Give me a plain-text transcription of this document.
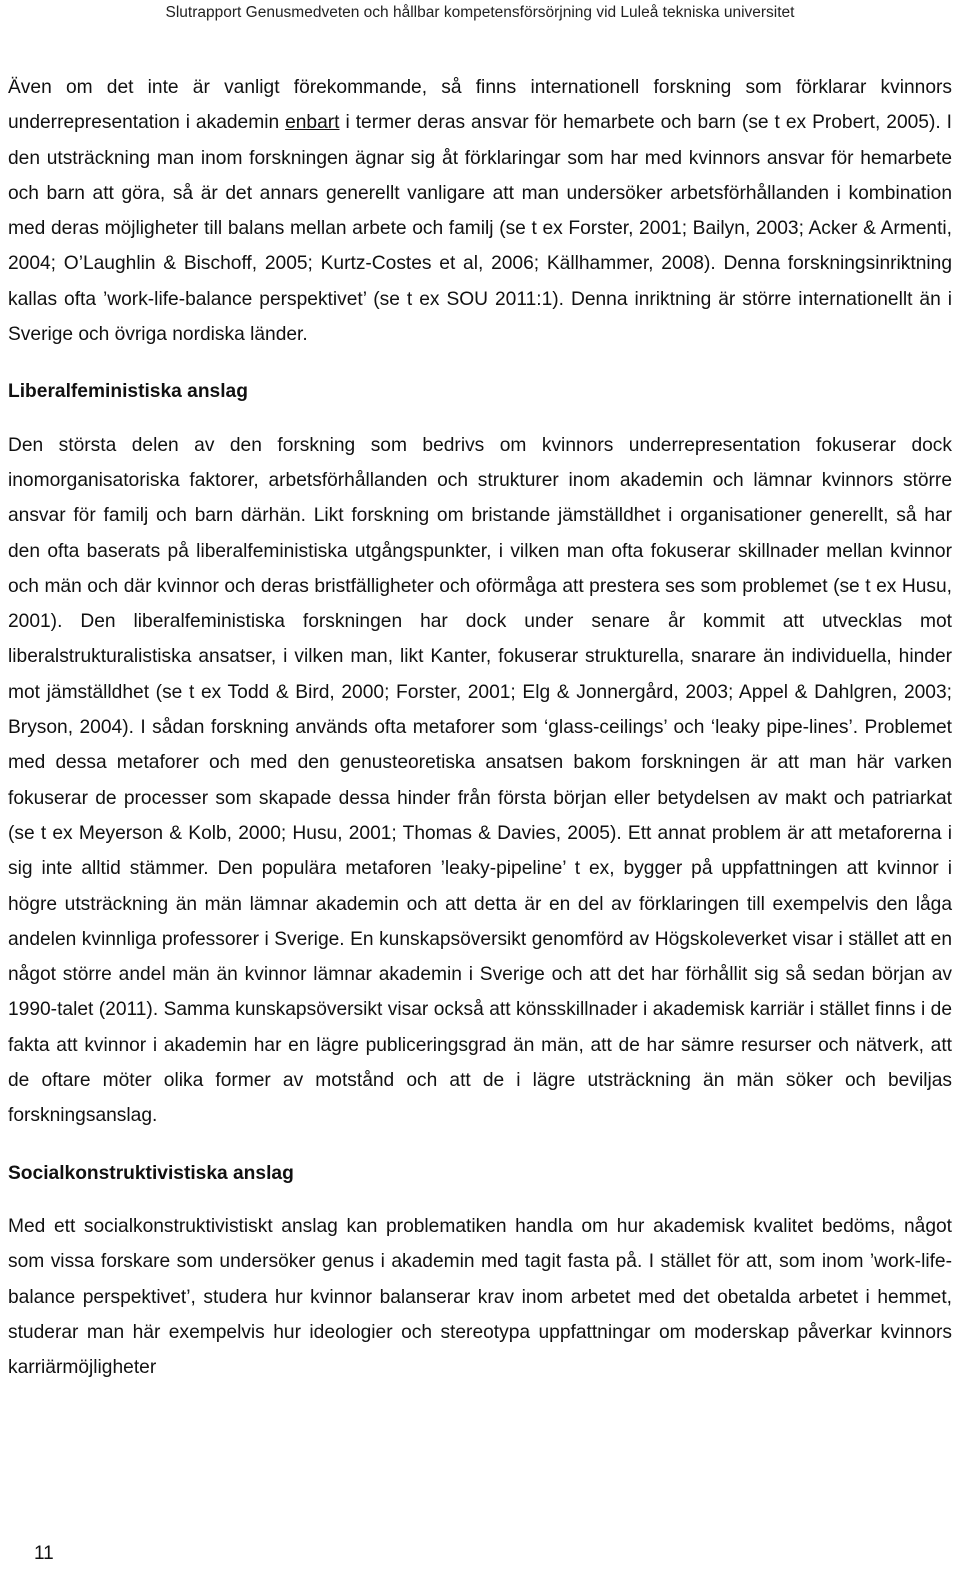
Slutrapport Genusmedveten och hållbar kompetensförsörjning vid Luleå tekniska universitet

Även om det inte är vanligt förekommande, så finns internationell forskning som förklarar kvinnors underrepresentation i akademin enbart i termer deras ansvar för hemarbete och barn (se t ex Probert, 2005). I den utsträckning man inom forskningen ägnar sig åt förklaringar som har med kvinnors ansvar för hemarbete och barn att göra, så är det annars generellt vanligare att man undersöker arbetsförhållanden i kombination med deras möjligheter till balans mellan arbete och familj (se t ex Forster, 2001; Bailyn, 2003; Acker & Armenti, 2004; O’Laughlin & Bischoff, 2005; Kurtz-Costes et al, 2006; Källhammer, 2008). Denna forskningsinriktning kallas ofta ’work-life-balance perspektivet’ (se t ex SOU 2011:1). Denna inriktning är större internationellt än i Sverige och övriga nordiska länder.

Liberalfeministiska anslag

Den största delen av den forskning som bedrivs om kvinnors underrepresentation fokuserar dock inomorganisatoriska faktorer, arbetsförhållanden och strukturer inom akademin och lämnar kvinnors större ansvar för familj och barn därhän. Likt forskning om bristande jämställdhet i organisationer generellt, så har den ofta baserats på liberalfeministiska utgångspunkter, i vilken man ofta fokuserar skillnader mellan kvinnor och män och där kvinnor och deras bristfälligheter och oförmåga att prestera ses som problemet (se t ex Husu, 2001). Den liberalfeministiska forskningen har dock under senare år kommit att utvecklas mot liberalstrukturalistiska ansatser, i vilken man, likt Kanter, fokuserar strukturella, snarare än individuella, hinder mot jämställdhet (se t ex Todd & Bird, 2000; Forster, 2001; Elg & Jonnergård, 2003; Appel & Dahlgren, 2003; Bryson, 2004). I sådan forskning används ofta metaforer som ‘glass-ceilings’ och ‘leaky pipe-lines’. Problemet med dessa metaforer och med den genusteoretiska ansatsen bakom forskningen är att man här varken fokuserar de processer som skapade dessa hinder från första början eller betydelsen av makt och patriarkat (se t ex Meyerson & Kolb, 2000; Husu, 2001; Thomas & Davies, 2005). Ett annat problem är att metaforerna i sig inte alltid stämmer. Den populära metaforen ’leaky-pipeline’ t ex, bygger på uppfattningen att kvinnor i högre utsträckning än män lämnar akademin och att detta är en del av förklaringen till exempelvis den låga andelen kvinnliga professorer i Sverige. En kunskapsöversikt genomförd av Högskoleverket visar i stället att en något större andel män än kvinnor lämnar akademin i Sverige och att det har förhållit sig så sedan början av 1990-talet (2011). Samma kunskapsöversikt visar också att könsskillnader i akademisk karriär i stället finns i de fakta att kvinnor i akademin har en lägre publiceringsgrad än män, att de har sämre resurser och nätverk, att de oftare möter olika former av motstånd och att de i lägre utsträckning än män söker och beviljas forskningsanslag.

Socialkonstruktivistiska anslag

Med ett socialkonstruktivistiskt anslag kan problematiken handla om hur akademisk kvalitet bedöms, något som vissa forskare som undersöker genus i akademin med tagit fasta på. I stället för att, som inom ’work-life-balance perspektivet’, studera hur kvinnor balanserar krav inom arbetet med det obetalda arbetet i hemmet, studerar man här exempelvis hur ideologier och stereotypa uppfattningar om moderskap påverkar kvinnors karriärmöjligheter

11
